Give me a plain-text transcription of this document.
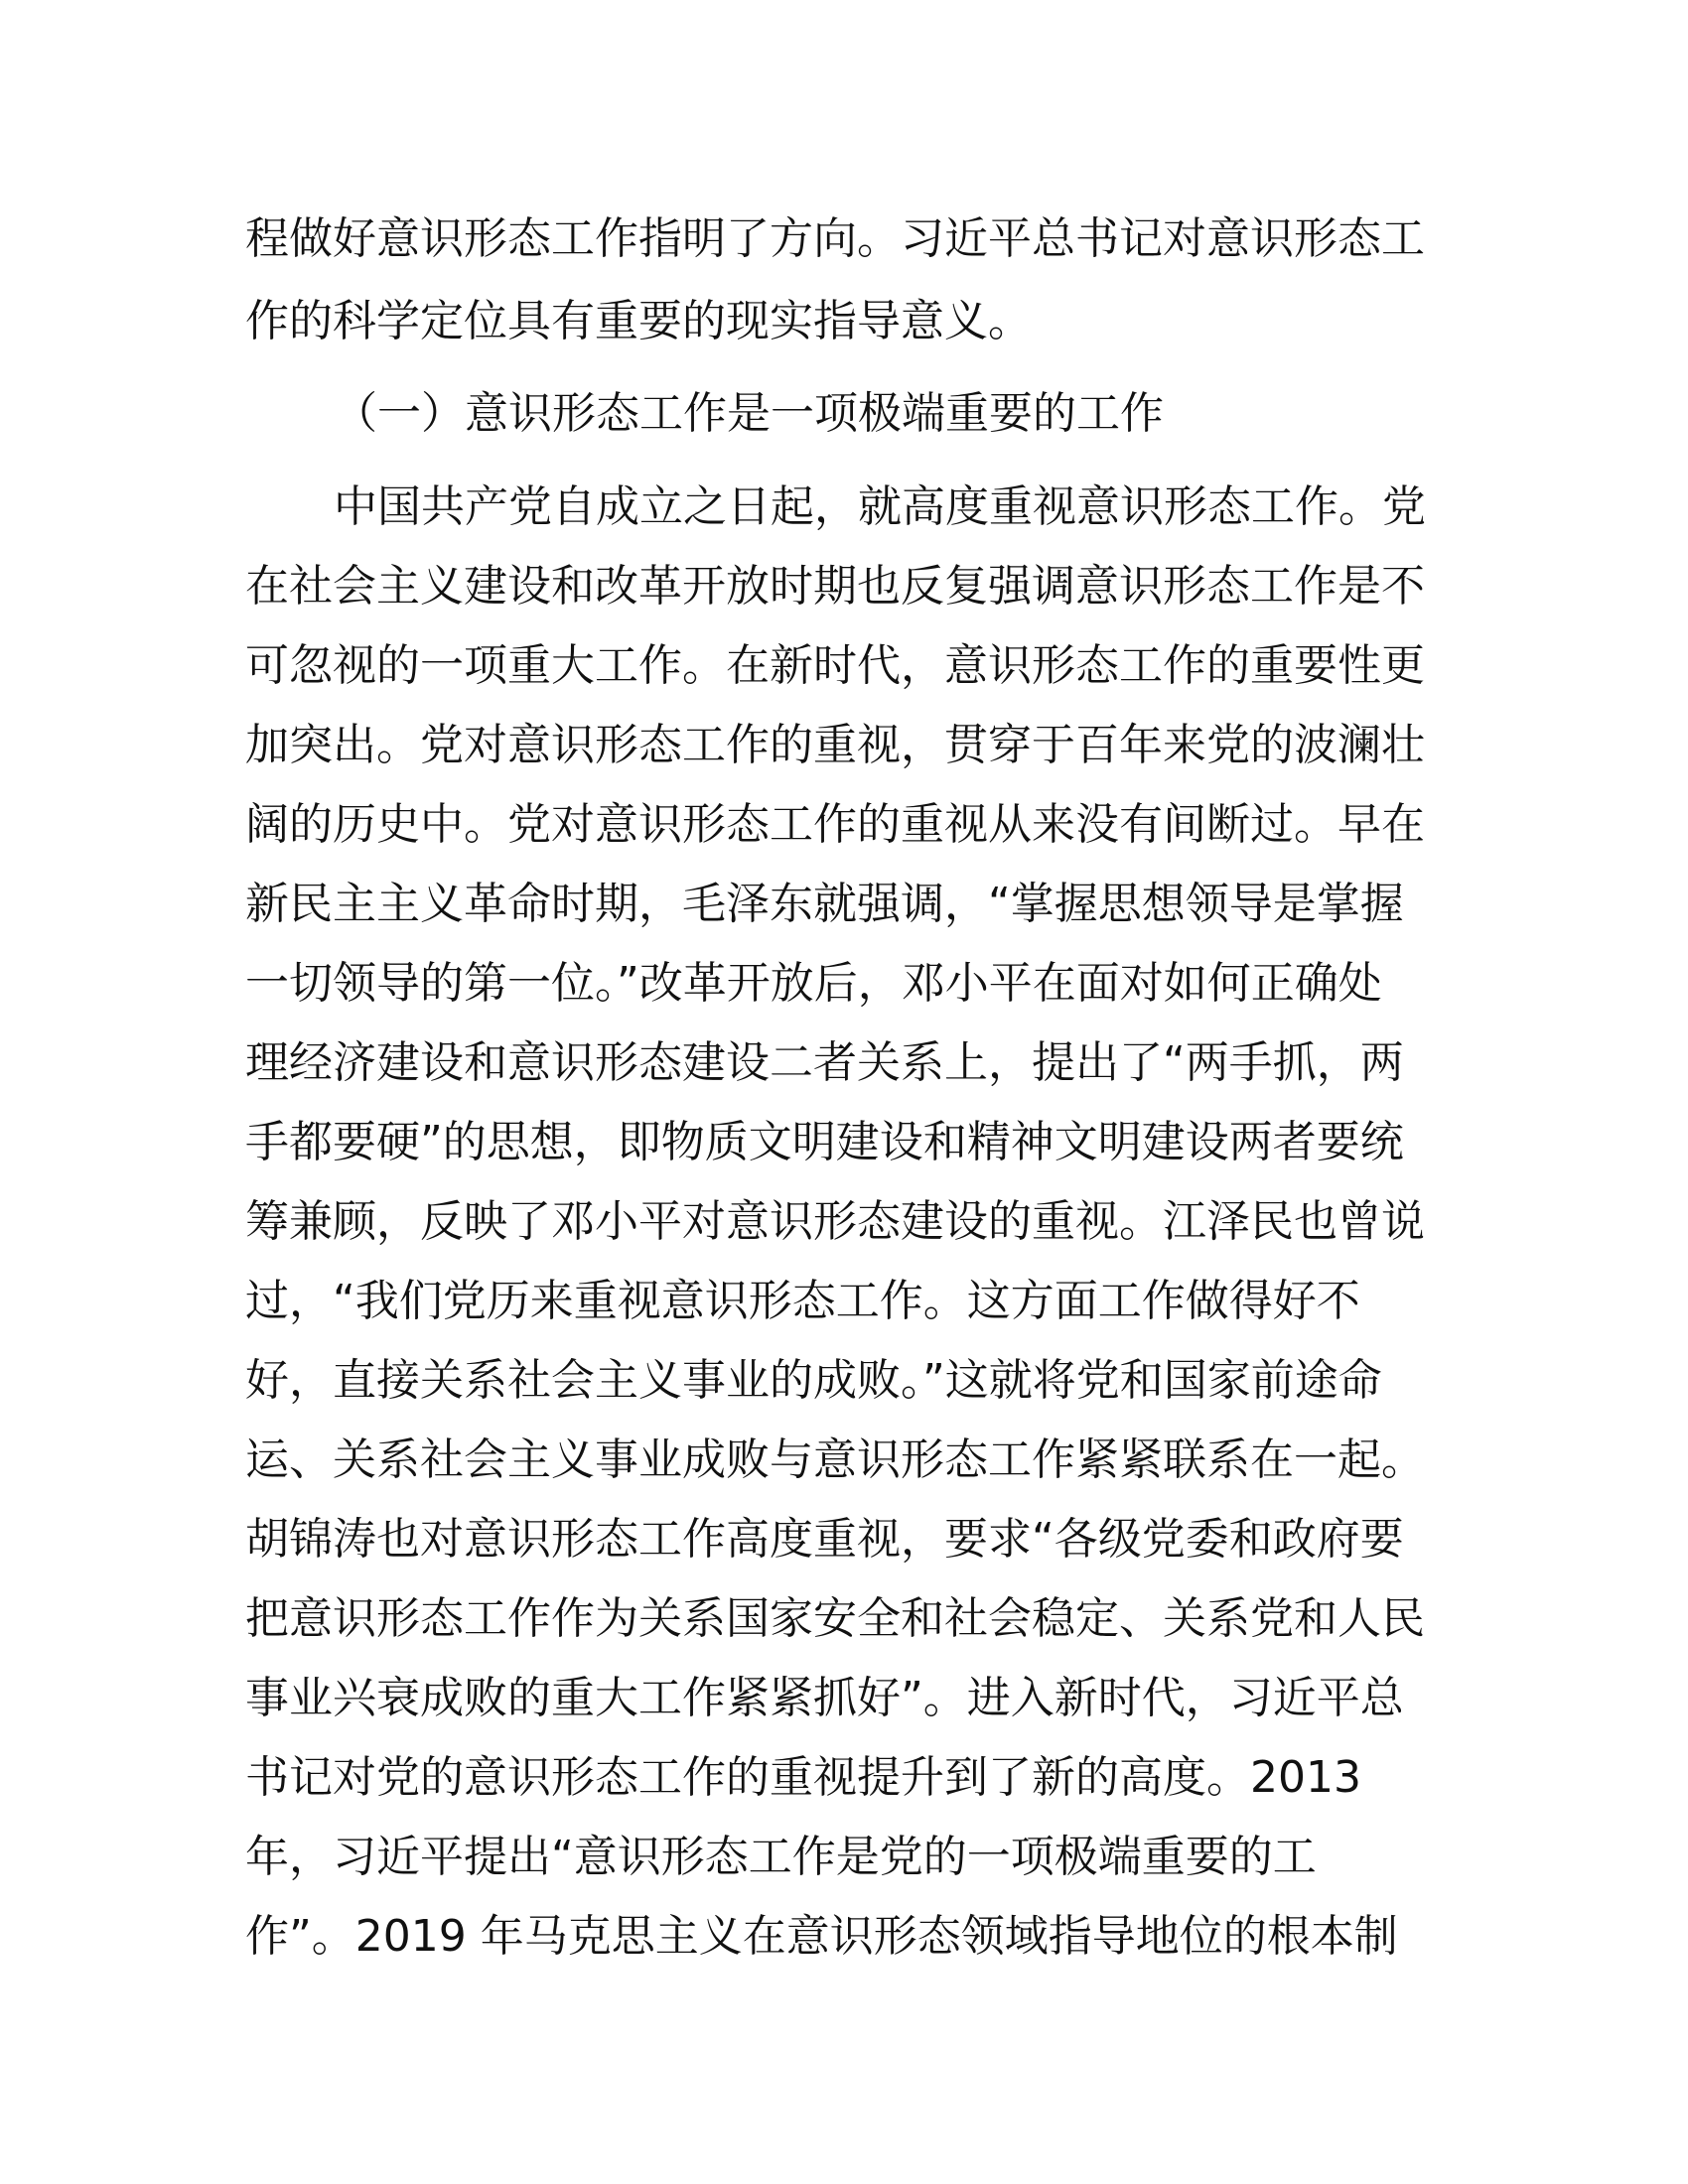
程做好意识形态工作指明了方向。习近平总书记对意识形态工
作的科学定位具有重要的现实指导意义。
（一）意识形态工作是一项极端重要的工作
中国共产党自成立之日起，就高度重视意识形态工作。党
在社会主义建设和改革开放时期也反复强调意识形态工作是不
可忽视的一项重大工作。在新时代，意识形态工作的重要性更
加突出。党对意识形态工作的重视，贯穿于百年来党的波澜壮
阔的历史中。党对意识形态工作的重视从来没有间断过。早在
新民主主义革命时期，毛泽东就强调，“掌握思想领导是掌握
一切领导的第一位。”改革开放后，邓小平在面对如何正确处
理经济建设和意识形态建设二者关系上，提出了“两手抓，两
手都要硬”的思想，即物质文明建设和精神文明建设两者要统
筹兼顾，反映了邓小平对意识形态建设的重视。江泽民也曾说
过，“我们党历来重视意识形态工作。这方面工作做得好不
好，直接关系社会主义事业的成败。”这就将党和国家前途命
运、关系社会主义事业成败与意识形态工作紧紧联系在一起。
胡锦涛也对意识形态工作高度重视，要求“各级党委和政府要
把意识形态工作作为关系国家安全和社会稳定、关系党和人民
事业兴衰成败的重大工作紧紧抓好”。进入新时代，习近平总
书记对党的意识形态工作的重视提升到了新的高度。2013
年，习近平提出“意识形态工作是党的一项极端重要的工
作”。2019 年马克思主义在意识形态领域指导地位的根本制
